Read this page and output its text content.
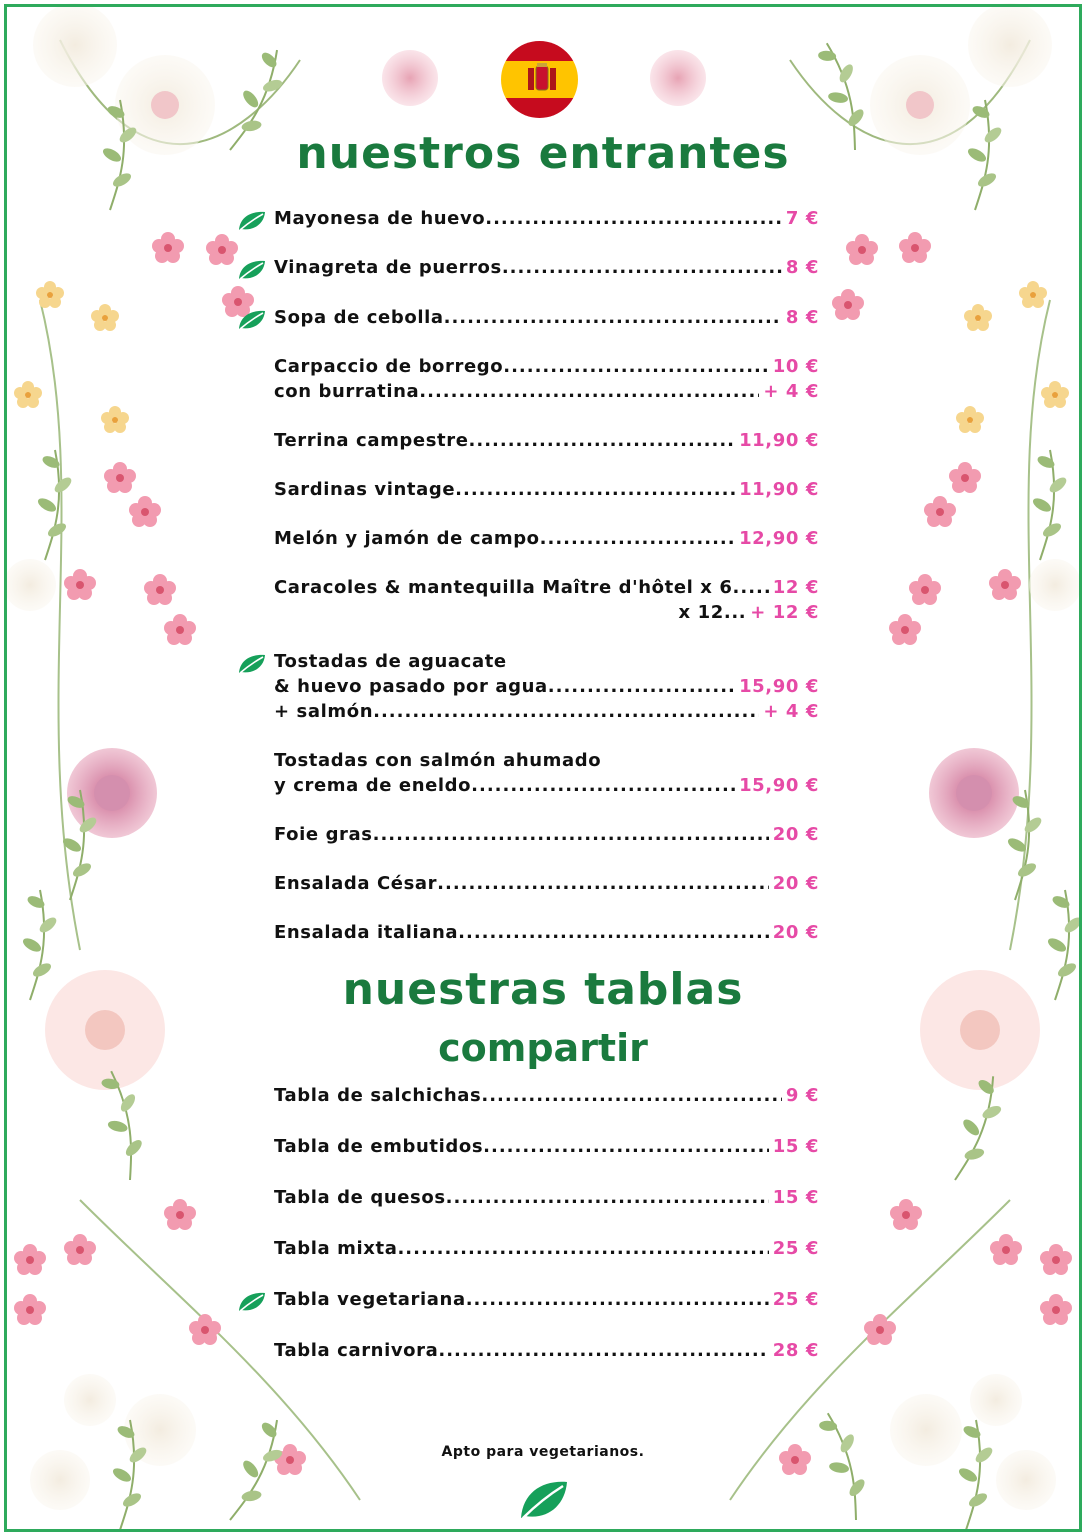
nuestros entrantes
Mayonesa de huevo .....	7 €
Vinagreta de puerros .....	8 €
Sopa de cebolla .....	8 €
Carpaccio de borrego .....	10 €
con burratina .....	+ 4 €
Terrina campestre .....	11,90 €
Sardinas vintage .....	11,90 €
Melón y jamón de campo .....	12,90 €
Caracoles & mantequilla Maître d'hôtel x 6 ..... 12 €
x 12 ... + 12 €
Tostadas de aguacate
& huevo pasado por agua .....	15,90 €
+ salmón .....	+ 4 €
Tostadas con salmón ahumado
y crema de eneldo .....	15,90 €
Foie gras .....	20 €
Ensalada César .....	20 €
Ensalada italiana .....	20 €
nuestras tablas
compartir
Tabla de salchichas .....	9 €
Tabla de embutidos .....	15 €
Tabla de quesos .....	15 €
Tabla mixta .....	25 €
Tabla vegetariana .....	25 €
Tabla carnivora .....	28 €
Apto para vegetarianos.
